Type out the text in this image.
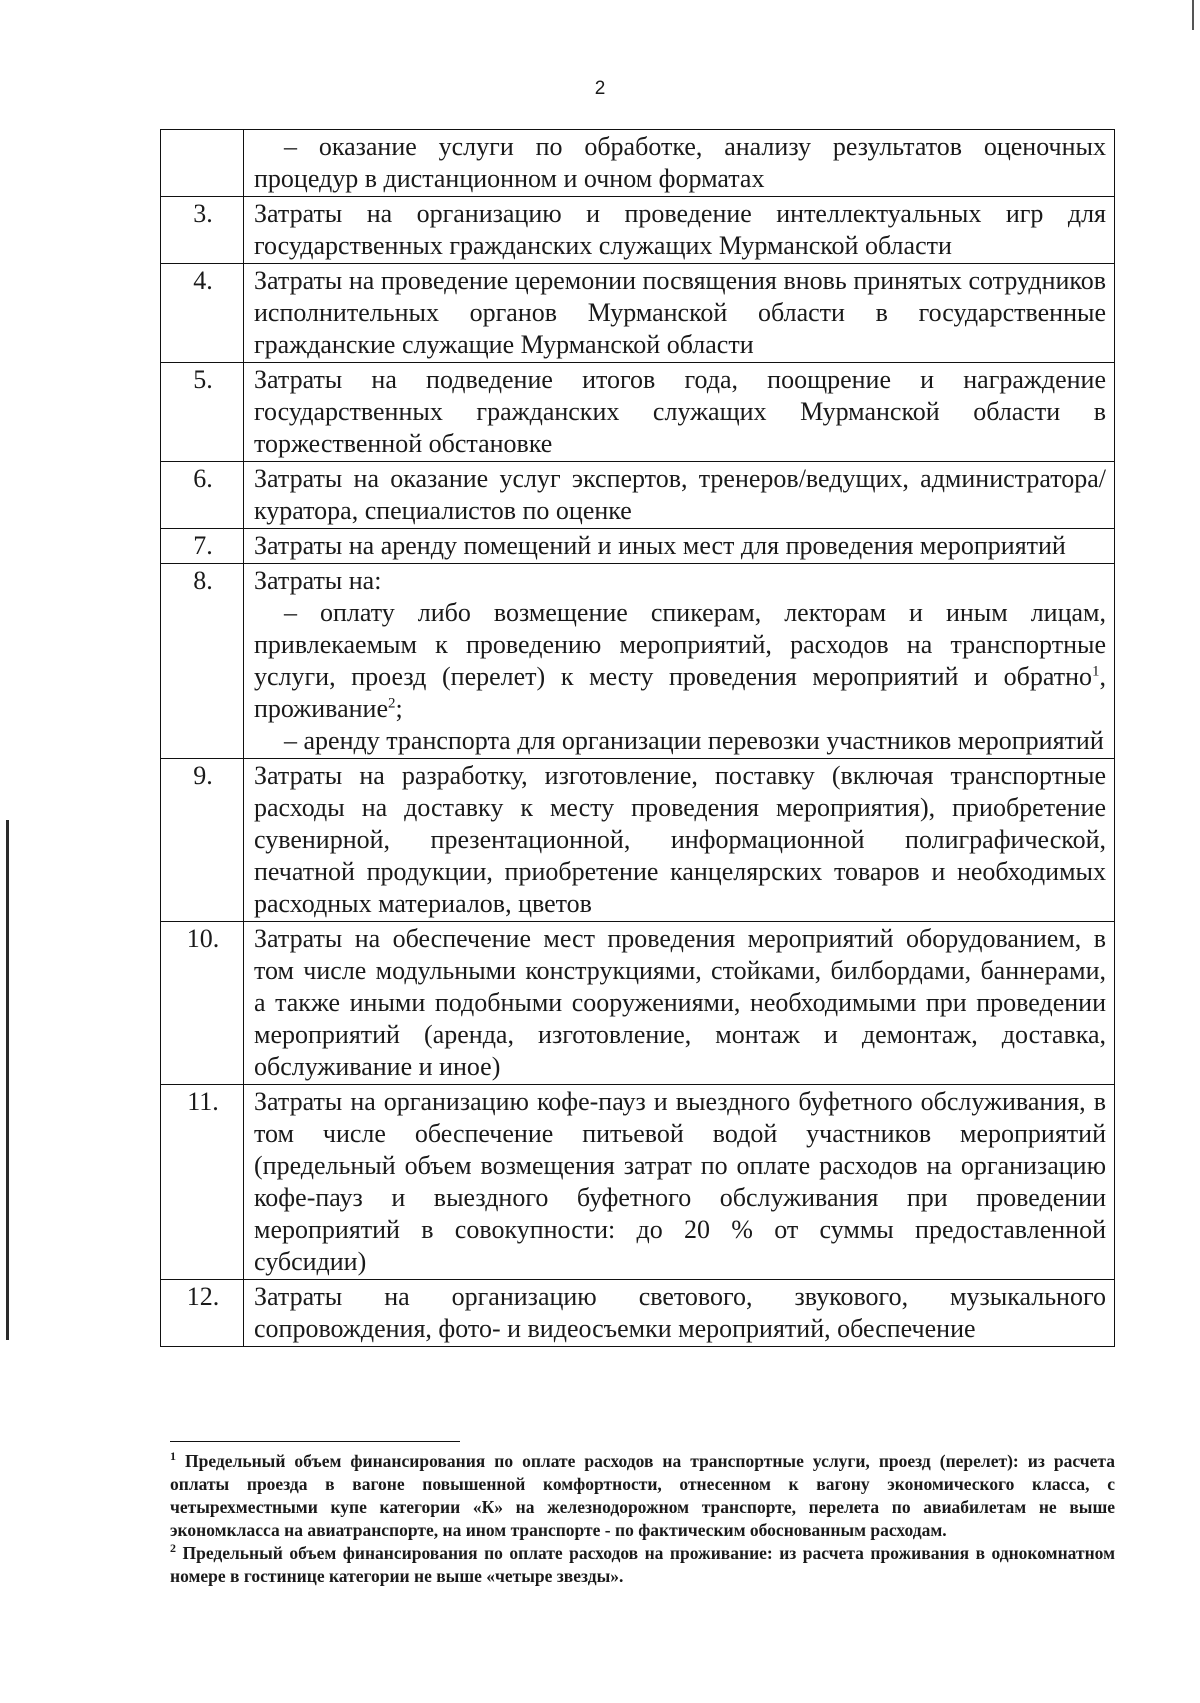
2

	– оказание услуги по обработке, анализу результатов оценочных процедур в дистанционном и очном форматах

3.	Затраты на организацию и проведение интеллектуальных игр для государственных гражданских служащих Мурманской области

4.	Затраты на проведение церемонии посвящения вновь принятых сотрудников исполнительных органов Мурманской области в государственные гражданские служащие Мурманской области

5.	Затраты на подведение итогов года, поощрение и награждение государственных гражданских служащих Мурманской области в торжественной обстановке

6.	Затраты на оказание услуг экспертов, тренеров/ведущих, администратора/куратора, специалистов по оценке

7.	Затраты на аренду помещений и иных мест для проведения мероприятий

8.	Затраты на:
– оплату либо возмещение спикерам, лекторам и иным лицам, привлекаемым к проведению мероприятий, расходов на транспортные услуги, проезд (перелет) к месту проведения мероприятий и обратно$^1$, проживание$^2$;
– аренду транспорта для организации перевозки участников мероприятий

9.	Затраты на разработку, изготовление, поставку (включая транспортные расходы на доставку к месту проведения мероприятия), приобретение сувенирной, презентационной, информационной полиграфической, печатной продукции, приобретение канцелярских товаров и необходимых расходных материалов, цветов

10.	Затраты на обеспечение мест проведения мероприятий оборудованием, в том числе модульными конструкциями, стойками, билбордами, баннерами, а также иными подобными сооружениями, необходимыми при проведении мероприятий (аренда, изготовление, монтаж и демонтаж, доставка, обслуживание и иное)

11.	Затраты на организацию кофе-пауз и выездного буфетного обслуживания, в том числе обеспечение питьевой водой участников мероприятий (предельный объем возмещения затрат по оплате расходов на организацию кофе-пауз и выездного буфетного обслуживания при проведении мероприятий в совокупности: до 20 % от суммы предоставленной субсидии)

12.	Затраты на организацию светового, звукового, музыкального сопровождения, фото- и видеосъемки мероприятий, обеспечение

$^1$ Предельный объем финансирования по оплате расходов на транспортные услуги, проезд (перелет): из расчета оплаты проезда в вагоне повышенной комфортности, отнесенном к вагону экономического класса, с четырехместными купе категории «К» на железнодорожном транспорте, перелета по авиабилетам не выше экономкласса на авиатранспорте, на ином транспорте - по фактическим обоснованным расходам.

$^2$ Предельный объем финансирования по оплате расходов на проживание: из расчета проживания в однокомнатном номере в гостинице категории не выше «четыре звезды».
